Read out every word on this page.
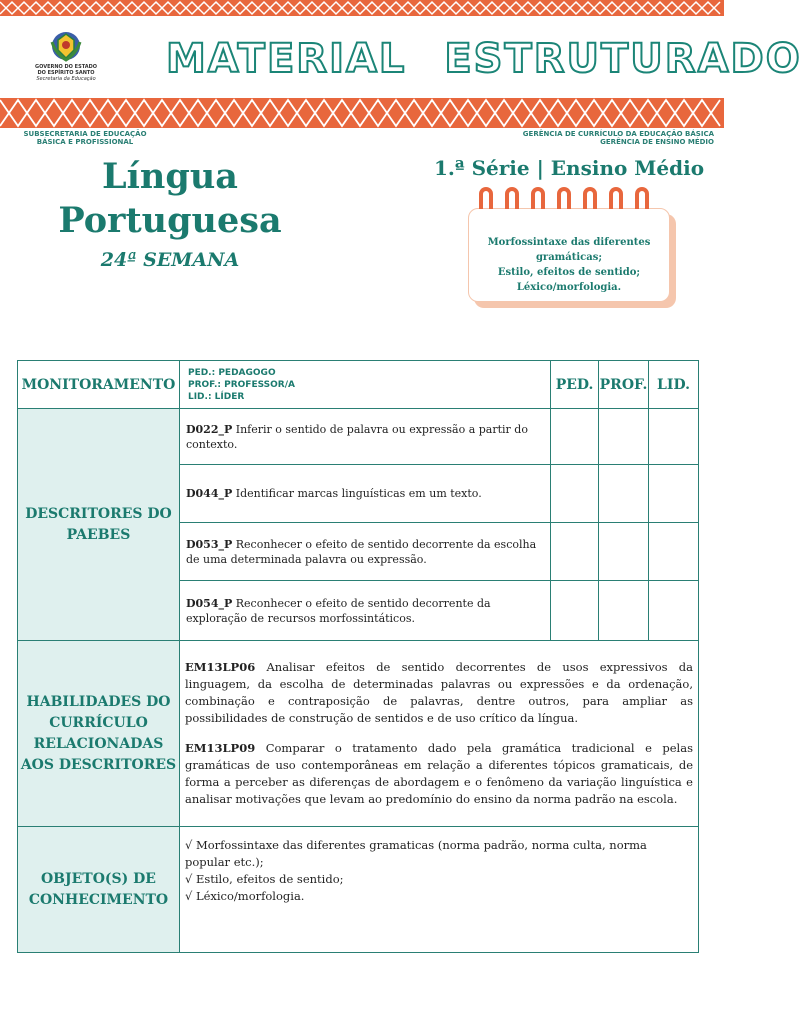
GOVERNO DO ESTADO
DO ESPÍRITO SANTO
Secretaria da Educação MATERIAL ESTRUTURADO
SUBSECRETARIA DE EDUCAÇÃO
BÁSICA E PROFISSIONAL
GERÊNCIA DE CURRÍCULO DA EDUCAÇÃO BÁSICA
GERÊNCIA DE ENSINO MÉDIO
Língua
Portuguesa
24ª SEMANA
1.ª Série | Ensino Médio
Morfossintaxe das diferentes
gramáticas;
Estilo, efeitos de sentido;
Léxico/morfologia.
MONITORAMENTO	PED.: PEDAGOGO
PROF.: PROFESSOR/A
LID.: LÍDER	PED.	PROF.	LID.
DESCRITORES DO PAEBES	D022_P Inferir o sentido de palavra ou expressão a partir do contexto.			
	D044_P Identificar marcas linguísticas em um texto.			
	D053_P Reconhecer o efeito de sentido decorrente da escolha de uma determinada palavra ou expressão.			
	D054_P Reconhecer o efeito de sentido decorrente da exploração de recursos morfossintáticos.			
HABILIDADES DO CURRÍCULO RELACIONADAS AOS DESCRITORES	EM13LP06 Analisar efeitos de sentido decorrentes de usos expressivos da linguagem, da escolha de determinadas palavras ou expressões e da ordenação, combinação e contraposição de palavras, dentre outros, para ampliar as possibilidades de construção de sentidos e de uso crítico da língua.

EM13LP09 Comparar o tratamento dado pela gramática tradicional e pelas gramáticas de uso contemporâneas em relação a diferentes tópicos gramaticais, de forma a perceber as diferenças de abordagem e o fenômeno da variação linguística e analisar motivações que levam ao predomínio do ensino da norma padrão na escola.			

OBJETO(S) DE CONHECIMENTO	√ Morfossintaxe das diferentes gramaticas (norma padrão, norma culta, norma popular etc.);
√ Estilo, efeitos de sentido;
√ Léxico/morfologia.			
